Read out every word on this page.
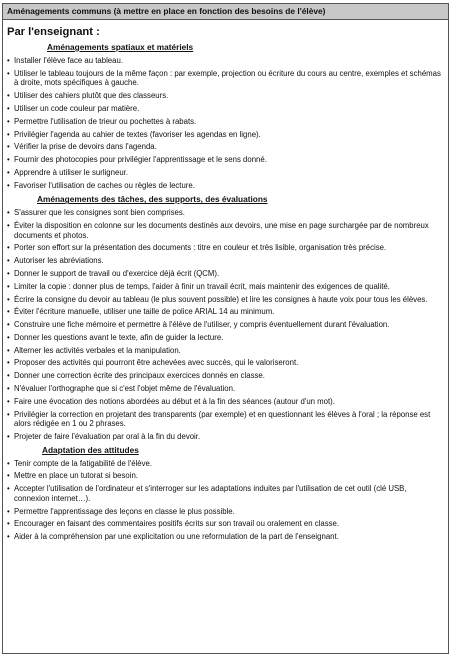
Aménagements communs (à mettre en place en fonction des besoins de l'élève)
Par l'enseignant :
Aménagements spatiaux et matériels
• Installer l'élève face au tableau.
• Utiliser le tableau toujours de la même façon : par exemple, projection ou écriture du cours au centre, exemples et schémas à droite, mots spécifiques à gauche.
• Utiliser des cahiers plutôt que des classeurs.
• Utiliser un code couleur par matière.
• Permettre l'utilisation de trieur ou pochettes à rabats.
• Privilégier l'agenda au cahier de textes (favoriser les agendas en ligne).
• Vérifier la prise de devoirs dans l'agenda.
• Fournir des photocopies pour privilégier l'apprentissage et le sens donné.
• Apprendre à utiliser le surligneur.
• Favoriser l'utilisation de caches ou règles de lecture.
Aménagements des tâches, des supports, des évaluations
• S'assurer que les consignes sont bien comprises.
• Éviter la disposition en colonne sur les documents destinés aux devoirs, une mise en page surchargée par de nombreux documents et photos.
• Porter son effort sur la présentation des documents : titre en couleur et très lisible, organisation très précise.
• Autoriser les abréviations.
• Donner le support de travail ou d'exercice déjà écrit (QCM).
• Limiter la copie : donner plus de temps, l'aider à finir un travail écrit, mais maintenir des exigences de qualité.
• Écrire la consigne du devoir au tableau (le plus souvent possible) et lire les consignes à haute voix pour tous les élèves.
• Éviter l'écriture manuelle, utiliser une taille de police ARIAL 14 au minimum.
• Construire une fiche mémoire et permettre à l'élève de l'utiliser, y compris éventuellement durant l'évaluation.
• Donner les questions avant le texte, afin de guider la lecture.
• Alterner les activités verbales et la manipulation.
• Proposer des activités qui pourront être achevées avec succès, qui le valoriseront.
• Donner une correction écrite des principaux exercices donnés en classe.
• N'évaluer l'orthographe que si c'est l'objet même de l'évaluation.
• Faire une évocation des notions abordées au début et à la fin des séances (autour d'un mot).
• Privilégier la correction en projetant des transparents (par exemple) et en questionnant les élèves à l'oral ; la réponse est alors rédigée en 1 ou 2 phrases.
• Projeter de faire l'évaluation par oral à la fin du devoir.
Adaptation des attitudes
• Tenir compte de la fatigabilité de l'élève.
• Mettre en place un tutorat si besoin.
• Accepter l'utilisation de l'ordinateur et s'interroger sur les adaptations induites par l'utilisation de cet outil (clé USB, connexion internet…).
• Permettre l'apprentissage des leçons en classe le plus possible.
• Encourager en faisant des commentaires positifs écrits sur son travail ou oralement en classe.
• Aider à la compréhension par une explicitation ou une reformulation de la part de l'enseignant.
